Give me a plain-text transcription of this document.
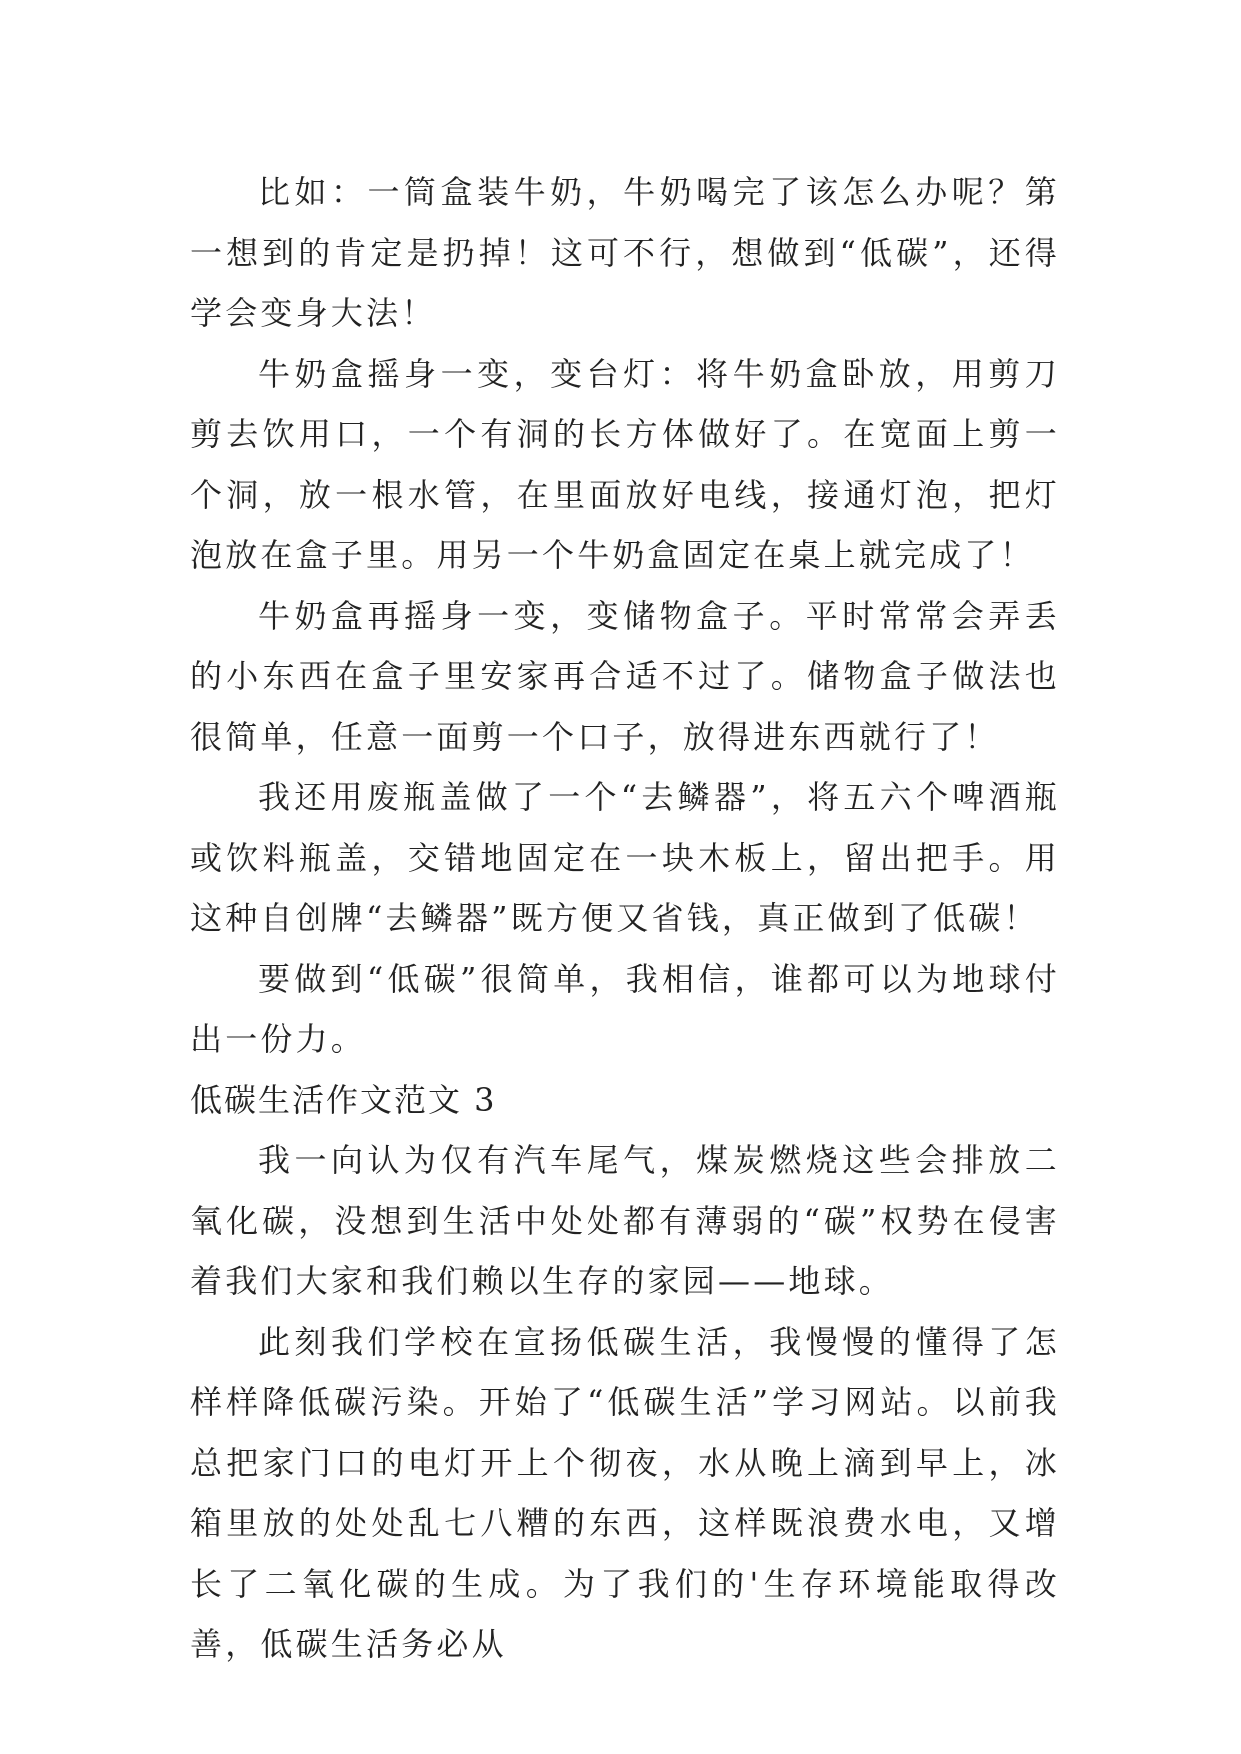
比如：一筒盒装牛奶，牛奶喝完了该怎么办呢？第一想到的肯定是扔掉！这可不行，想做到“低碳”，还得学会变身大法！

牛奶盒摇身一变，变台灯：将牛奶盒卧放，用剪刀剪去饮用口，一个有洞的长方体做好了。在宽面上剪一个洞，放一根水管，在里面放好电线，接通灯泡，把灯泡放在盒子里。用另一个牛奶盒固定在桌上就完成了！

牛奶盒再摇身一变，变储物盒子。平时常常会弄丢的小东西在盒子里安家再合适不过了。储物盒子做法也很简单，任意一面剪一个口子，放得进东西就行了！

我还用废瓶盖做了一个“去鳞器”，将五六个啤酒瓶或饮料瓶盖，交错地固定在一块木板上，留出把手。用这种自创牌“去鳞器”既方便又省钱，真正做到了低碳！

要做到“低碳”很简单，我相信，谁都可以为地球付出一份力。

低碳生活作文范文 3

我一向认为仅有汽车尾气，煤炭燃烧这些会排放二氧化碳，没想到生活中处处都有薄弱的“碳”权势在侵害着我们大家和我们赖以生存的家园——地球。

此刻我们学校在宣扬低碳生活，我慢慢的懂得了怎样样降低碳污染。开始了“低碳生活”学习网站。以前我总把家门口的电灯开上个彻夜，水从晚上滴到早上，冰箱里放的处处乱七八糟的东西，这样既浪费水电，又增长了二氧化碳的生成。为了我们的'生存环境能取得改善，低碳生活务必从
